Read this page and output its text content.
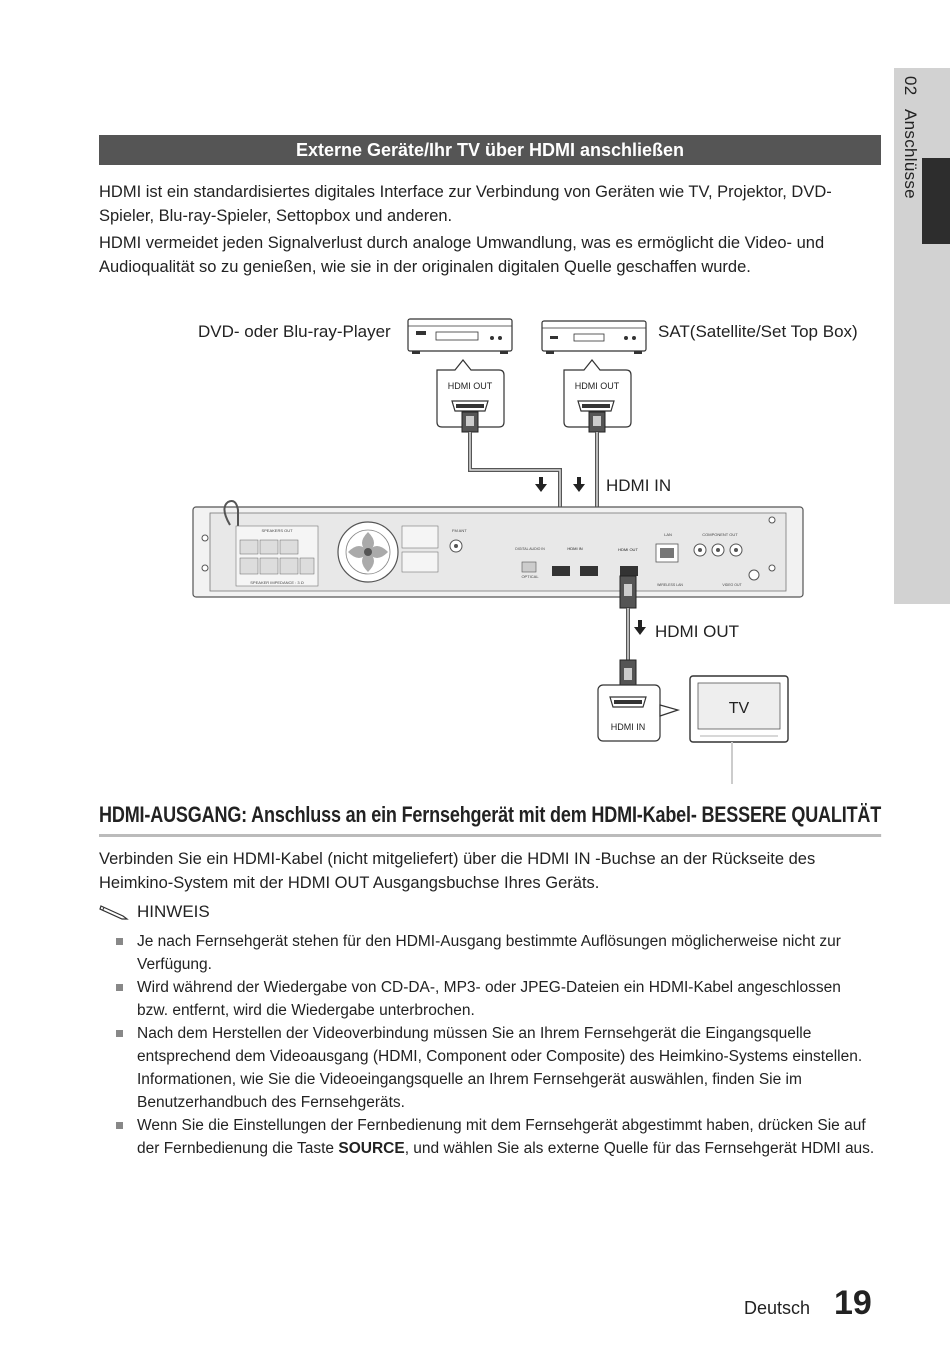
02 Anschlüsse
Externe Geräte/Ihr TV über HDMI anschließen
HDMI ist ein standardisiertes digitales Interface zur Verbindung von Geräten wie TV, Projektor, DVD-Spieler, Blu-ray-Spieler, Settopbox und anderen.
HDMI vermeidet jeden Signalverlust durch analoge Umwandlung, was es ermöglicht die Video- und Audioqualität so zu genießen, wie sie in der originalen digitalen Quelle geschaffen wurde.
DVD- oder Blu-ray-Player	SAT(Satellite/Set Top Box)
HDMI OUT	HDMI OUT
HDMI IN
SPEAKERS OUT
SPEAKER IMPEDANCE : 3 Ω
FM ANT
DIGITAL AUDIO IN
OPTICAL
HDMI IN	HDMI OUT
LAN	COMPONENT OUT
WIRELESS LAN	VIDEO OUT
HDMI OUT
HDMI IN
TV
HDMI-AUSGANG: Anschluss an ein Fernsehgerät mit dem HDMI-Kabel- BESSERE QUALITÄT
Verbinden Sie ein HDMI-Kabel (nicht mitgeliefert) über die HDMI IN -Buchse an der Rückseite des Heimkino-System mit der HDMI OUT Ausgangsbuchse Ihres Geräts.
HINWEIS
Je nach Fernsehgerät stehen für den HDMI-Ausgang bestimmte Auflösungen möglicherweise nicht zur Verfügung.
Wird während der Wiedergabe von CD-DA-, MP3- oder JPEG-Dateien ein HDMI-Kabel angeschlossen bzw. entfernt, wird die Wiedergabe unterbrochen.
Nach dem Herstellen der Videoverbindung müssen Sie an Ihrem Fernsehgerät die Eingangsquelle entsprechend dem Videoausgang (HDMI, Component oder Composite) des Heimkino-Systems einstellen. Informationen, wie Sie die Videoeingangsquelle an Ihrem Fernsehgerät auswählen, finden Sie im Benutzerhandbuch des Fernsehgeräts.
Wenn Sie die Einstellungen der Fernbedienung mit dem Fernsehgerät abgestimmt haben, drücken Sie auf der Fernbedienung die Taste SOURCE, und wählen Sie als externe Quelle für das Fernsehgerät HDMI aus.
Deutsch 19
